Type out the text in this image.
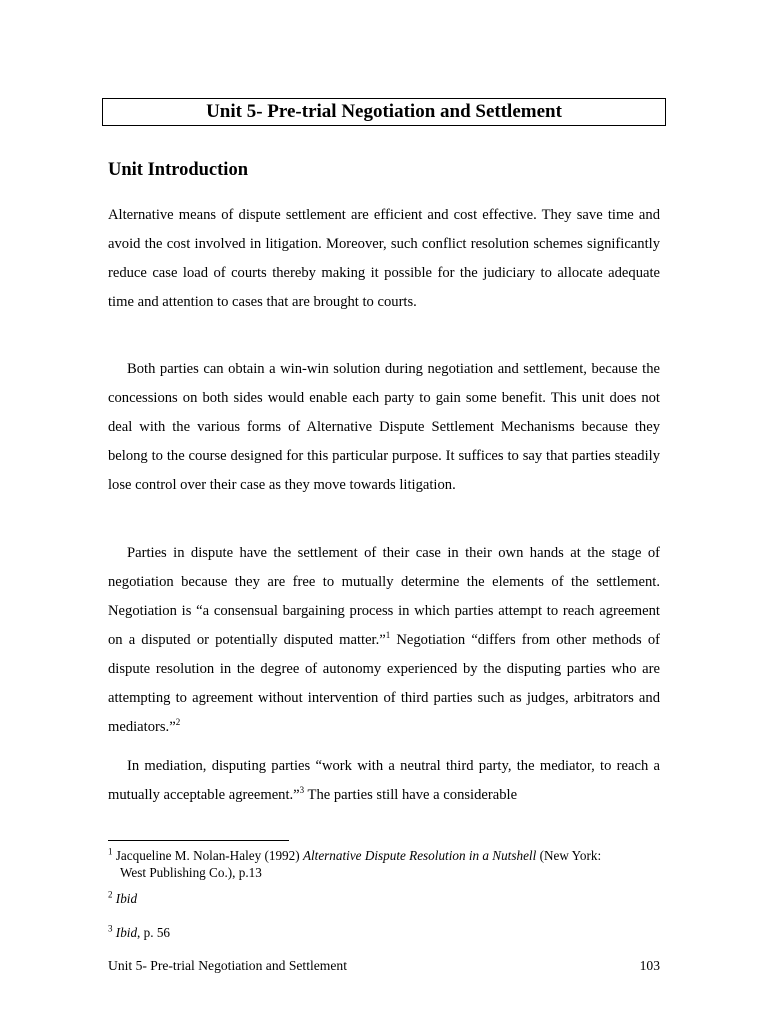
Unit 5- Pre-trial Negotiation and Settlement
Unit Introduction

Alternative means of dispute settlement are efficient and cost effective. They save time and avoid the cost involved in litigation. Moreover, such conflict resolution schemes significantly reduce case load of courts thereby making it possible for the judiciary to allocate adequate time and attention to cases that are brought to courts.

Both parties can obtain a win-win solution during negotiation and settlement, because the concessions on both sides would enable each party to gain some benefit. This unit does not deal with the various forms of Alternative Dispute Settlement Mechanisms because they belong to the course designed for this particular purpose. It suffices to say that parties steadily lose control over their case as they move towards litigation.

Parties in dispute have the settlement of their case in their own hands at the stage of negotiation because they are free to mutually determine the elements of the settlement. Negotiation is “a consensual bargaining process in which parties attempt to reach agreement on a disputed or potentially disputed matter.”$^1$ Negotiation “differs from other methods of dispute resolution in the degree of autonomy experienced by the disputing parties who are attempting to agreement without intervention of third parties such as judges, arbitrators and mediators.”$^2$

In mediation, disputing parties “work with a neutral third party, the mediator, to reach a mutually acceptable agreement.”$^3$ The parties still have a considerable

$^1$ Jacqueline M. Nolan-Haley (1992) Alternative Dispute Resolution in a Nutshell (New York:
West Publishing Co.), p.13
$^2$ Ibid
$^3$ Ibid, p. 56
Unit 5- Pre-trial Negotiation and Settlement	103
